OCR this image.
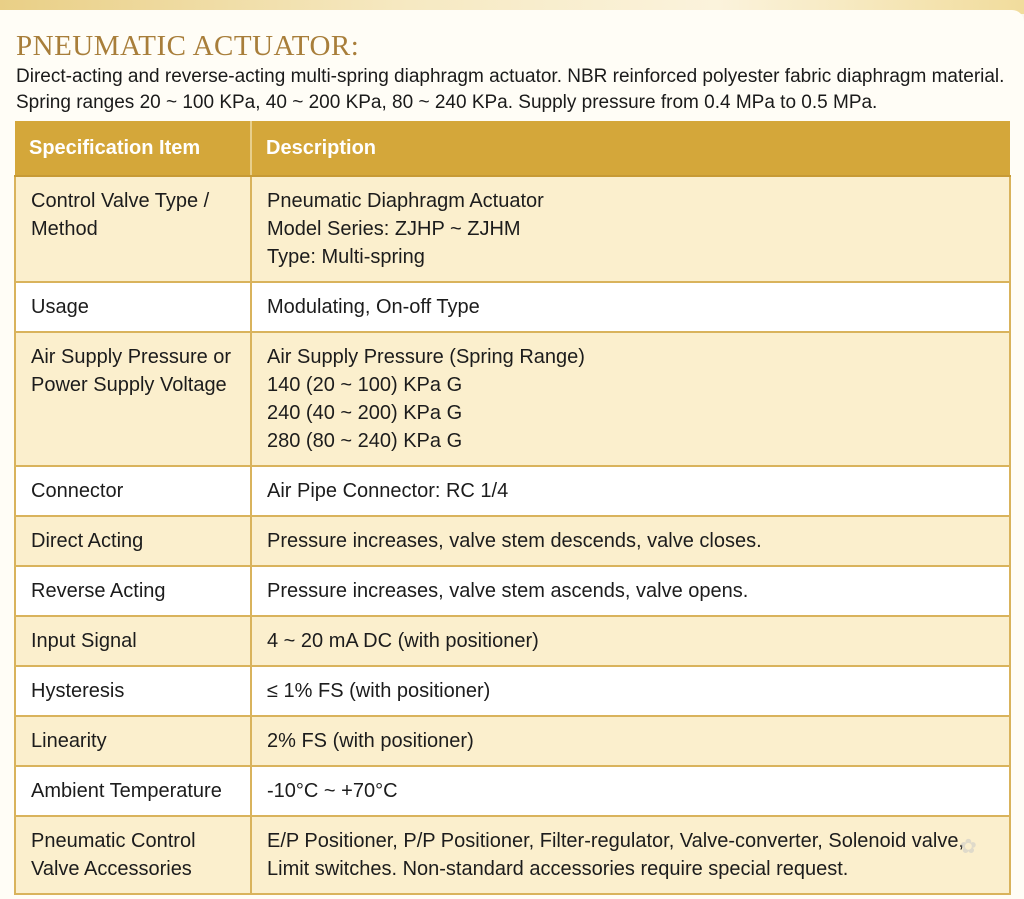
PNEUMATIC ACTUATOR:

Direct-acting and reverse-acting multi-spring diaphragm actuator. NBR reinforced polyester fabric diaphragm material. Spring ranges 20 ~ 100 KPa, 40 ~ 200 KPa, 80 ~ 240 KPa. Supply pressure from 0.4 MPa to 0.5 MPa.

Specification Item	Description
Control Valve Type / Method	Pneumatic Diaphragm Actuator
Model Series: ZJHP ~ ZJHM
Type: Multi-spring

Usage	Modulating, On-off Type

Air Supply Pressure or Power Supply Voltage	Air Supply Pressure (Spring Range)
140 (20 ~ 100) KPa G
240 (40 ~ 200) KPa G
280 (80 ~ 240) KPa G

Connector	Air Pipe Connector: RC 1/4

Direct Acting	Pressure increases, valve stem descends, valve closes.

Reverse Acting	Pressure increases, valve stem ascends, valve opens.

Input Signal	4 ~ 20 mA DC (with positioner)

Hysteresis	≤ 1% FS (with positioner)

Linearity	2% FS (with positioner)

Ambient Temperature	-10°C ~ +70°C

Pneumatic Control Valve Accessories	E/P Positioner, P/P Positioner, Filter-regulator, Valve-converter, Solenoid valve, Limit switches. Non-standard accessories require special request.
✿
